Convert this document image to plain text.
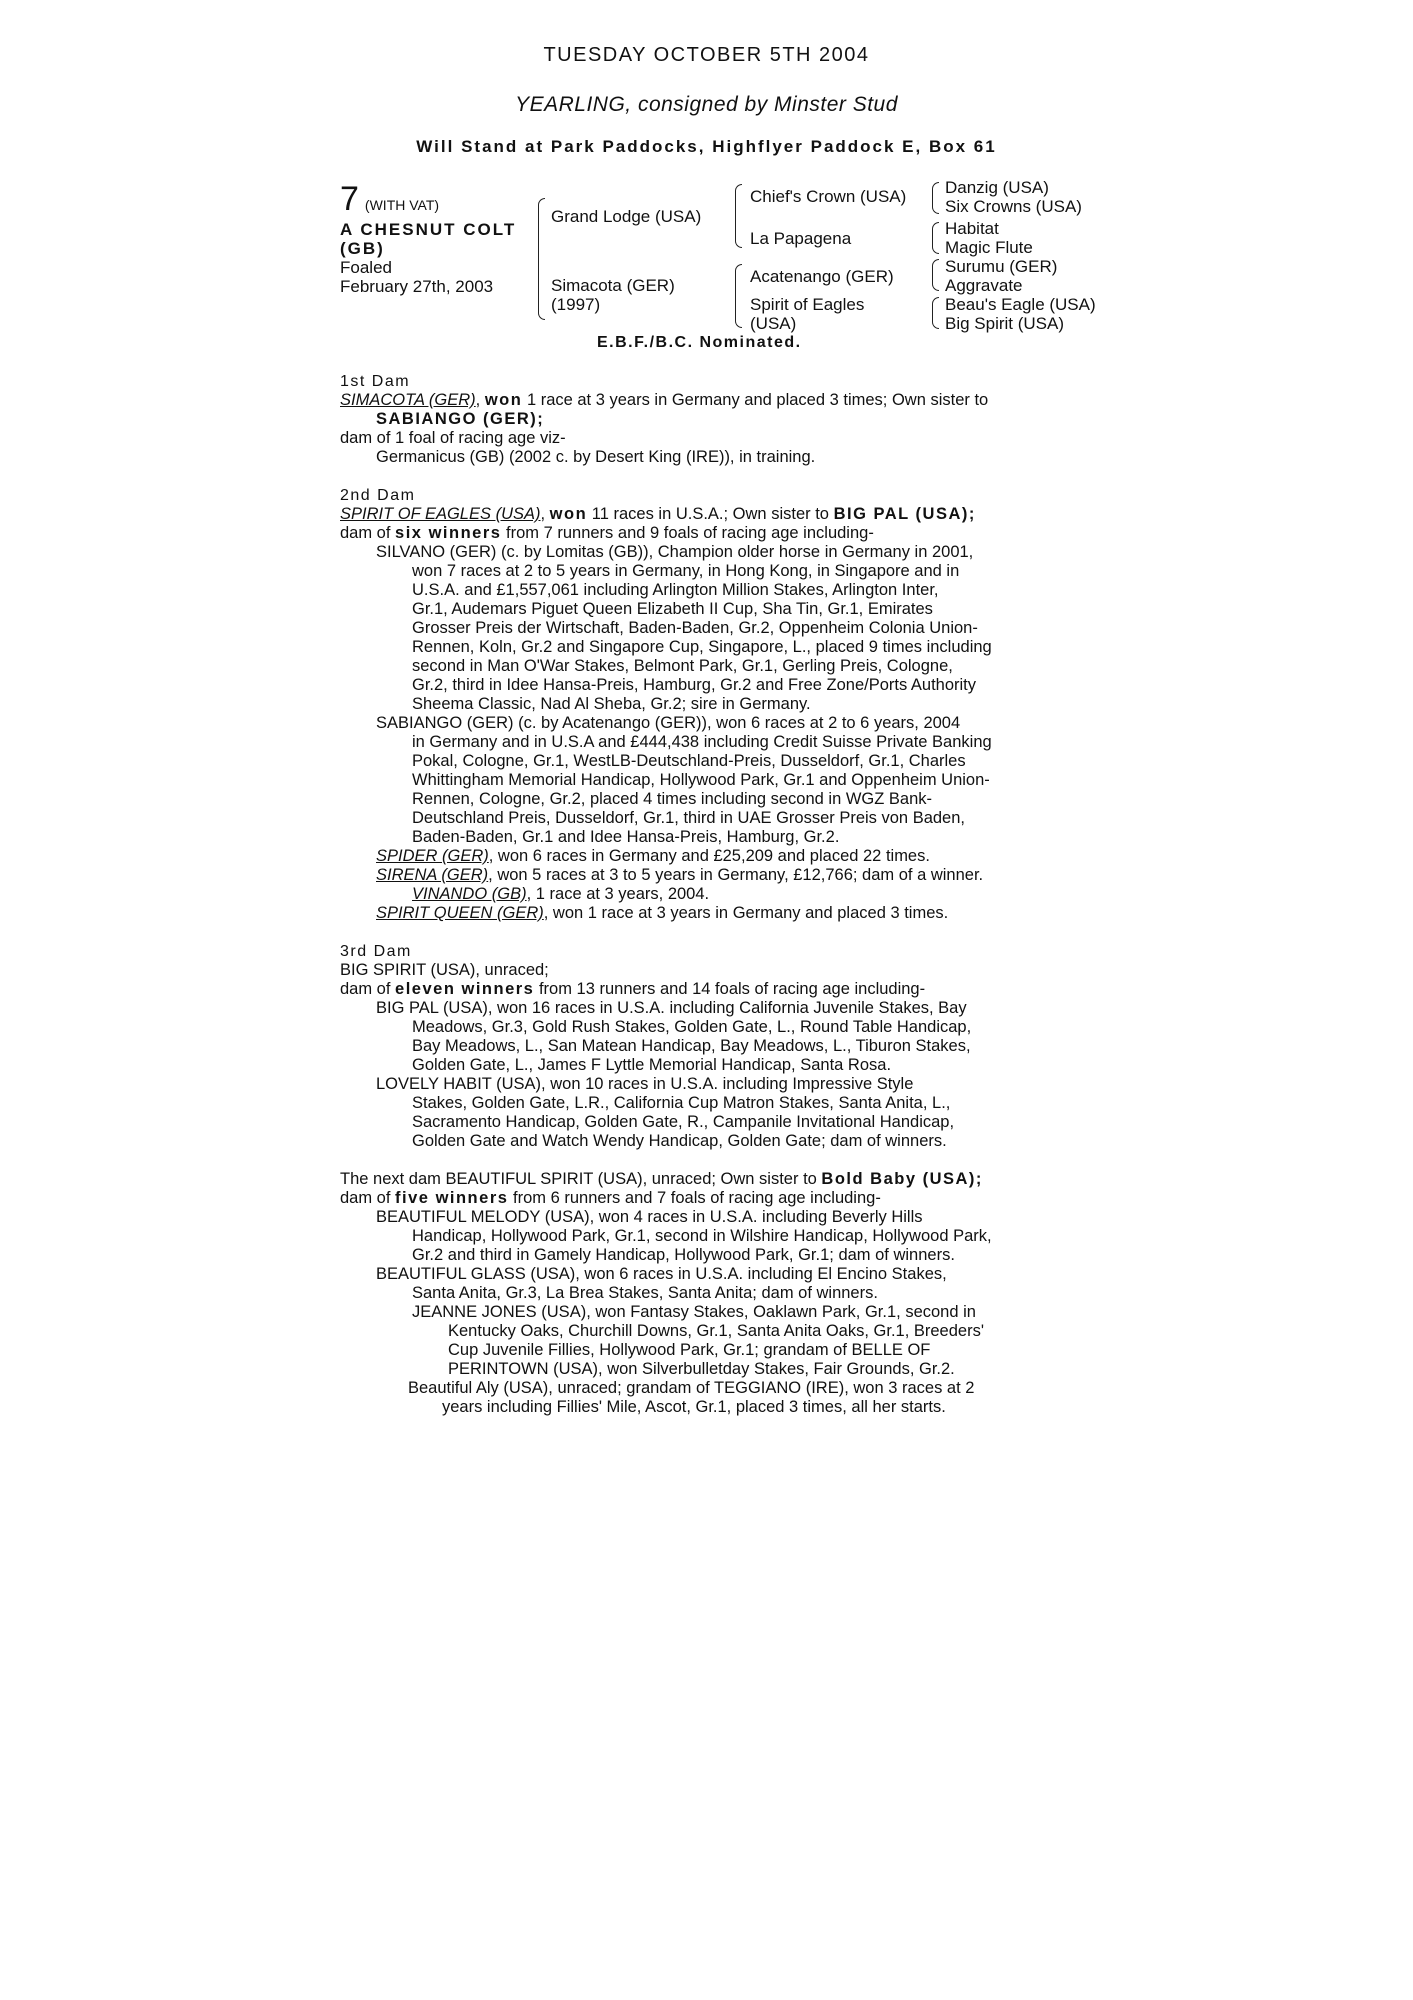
TUESDAY OCTOBER 5TH 2004
YEARLING, consigned by Minster Stud
Will Stand at Park Paddocks, Highflyer Paddock E, Box 61
7 (WITH VAT)
A CHESNUT COLT
(GB)
Foaled
February 27th, 2003
Grand Lodge (USA)
Simacota (GER)
(1997)
Chief's Crown (USA)
La Papagena
Acatenango (GER)
Spirit of Eagles
(USA)
Danzig (USA)
Six Crowns (USA)
Habitat
Magic Flute
Surumu (GER)
Aggravate
Beau's Eagle (USA)
Big Spirit (USA)
E.B.F./B.C. Nominated.
1st Dam
SIMACOTA (GER), won 1 race at 3 years in Germany and placed 3 times; Own sister to
SABIANGO (GER);
dam of 1 foal of racing age viz-
Germanicus (GB) (2002 c. by Desert King (IRE)), in training.
2nd Dam
SPIRIT OF EAGLES (USA), won 11 races in U.S.A.; Own sister to BIG PAL (USA);
dam of six winners from 7 runners and 9 foals of racing age including-
SILVANO (GER) (c. by Lomitas (GB)), Champion older horse in Germany in 2001,
won 7 races at 2 to 5 years in Germany, in Hong Kong, in Singapore and in
U.S.A. and £1,557,061 including Arlington Million Stakes, Arlington Inter,
Gr.1, Audemars Piguet Queen Elizabeth II Cup, Sha Tin, Gr.1, Emirates
Grosser Preis der Wirtschaft, Baden-Baden, Gr.2, Oppenheim Colonia Union-
Rennen, Koln, Gr.2 and Singapore Cup, Singapore, L., placed 9 times including
second in Man O'War Stakes, Belmont Park, Gr.1, Gerling Preis, Cologne,
Gr.2, third in Idee Hansa-Preis, Hamburg, Gr.2 and Free Zone/Ports Authority
Sheema Classic, Nad Al Sheba, Gr.2; sire in Germany.
SABIANGO (GER) (c. by Acatenango (GER)), won 6 races at 2 to 6 years, 2004
in Germany and in U.S.A and £444,438 including Credit Suisse Private Banking
Pokal, Cologne, Gr.1, WestLB-Deutschland-Preis, Dusseldorf, Gr.1, Charles
Whittingham Memorial Handicap, Hollywood Park, Gr.1 and Oppenheim Union-
Rennen, Cologne, Gr.2, placed 4 times including second in WGZ Bank-
Deutschland Preis, Dusseldorf, Gr.1, third in UAE Grosser Preis von Baden,
Baden-Baden, Gr.1 and Idee Hansa-Preis, Hamburg, Gr.2.
SPIDER (GER), won 6 races in Germany and £25,209 and placed 22 times.
SIRENA (GER), won 5 races at 3 to 5 years in Germany, £12,766; dam of a winner.
VINANDO (GB), 1 race at 3 years, 2004.
SPIRIT QUEEN (GER), won 1 race at 3 years in Germany and placed 3 times.
3rd Dam
BIG SPIRIT (USA), unraced;
dam of eleven winners from 13 runners and 14 foals of racing age including-
BIG PAL (USA), won 16 races in U.S.A. including California Juvenile Stakes, Bay
Meadows, Gr.3, Gold Rush Stakes, Golden Gate, L., Round Table Handicap,
Bay Meadows, L., San Matean Handicap, Bay Meadows, L., Tiburon Stakes,
Golden Gate, L., James F Lyttle Memorial Handicap, Santa Rosa.
LOVELY HABIT (USA), won 10 races in U.S.A. including Impressive Style
Stakes, Golden Gate, L.R., California Cup Matron Stakes, Santa Anita, L.,
Sacramento Handicap, Golden Gate, R., Campanile Invitational Handicap,
Golden Gate and Watch Wendy Handicap, Golden Gate; dam of winners.
The next dam BEAUTIFUL SPIRIT (USA), unraced; Own sister to Bold Baby (USA);
dam of five winners from 6 runners and 7 foals of racing age including-
BEAUTIFUL MELODY (USA), won 4 races in U.S.A. including Beverly Hills
Handicap, Hollywood Park, Gr.1, second in Wilshire Handicap, Hollywood Park,
Gr.2 and third in Gamely Handicap, Hollywood Park, Gr.1; dam of winners.
BEAUTIFUL GLASS (USA), won 6 races in U.S.A. including El Encino Stakes,
Santa Anita, Gr.3, La Brea Stakes, Santa Anita; dam of winners.
JEANNE JONES (USA), won Fantasy Stakes, Oaklawn Park, Gr.1, second in
Kentucky Oaks, Churchill Downs, Gr.1, Santa Anita Oaks, Gr.1, Breeders'
Cup Juvenile Fillies, Hollywood Park, Gr.1; grandam of BELLE OF
PERINTOWN (USA), won Silverbulletday Stakes, Fair Grounds, Gr.2.
Beautiful Aly (USA), unraced; grandam of TEGGIANO (IRE), won 3 races at 2
years including Fillies' Mile, Ascot, Gr.1, placed 3 times, all her starts.
